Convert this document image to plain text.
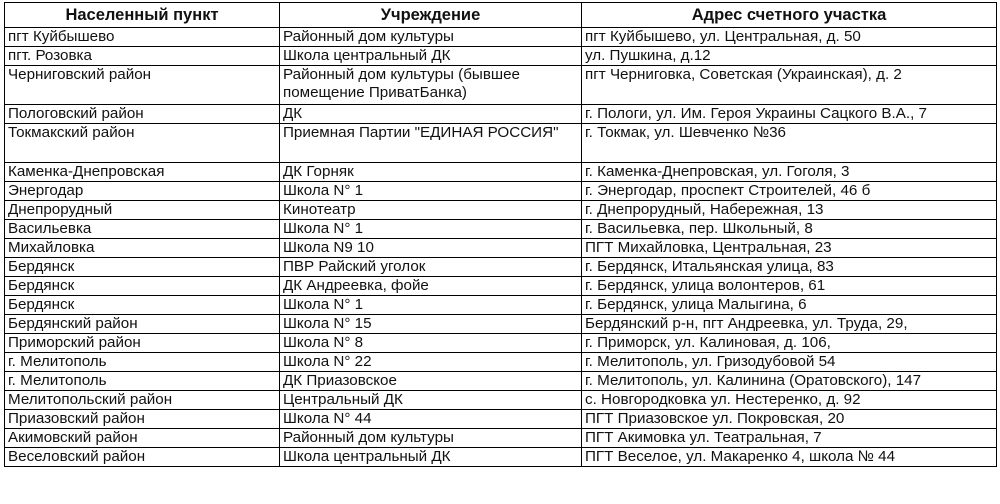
Населенный пункт	Учреждение	Адрес счетного участка
пгт Куйбышево	Районный дом культуры	пгт Куйбышево, ул. Центральная, д. 50
пгт. Розовка	Школа центральный ДК	ул. Пушкина, д.12
Черниговский район	Районный дом культуры (бывшее помещение ПриватБанка)	пгт Черниговка, Советская (Украинская), д. 2
Пологовский район	ДК	г. Пологи, ул. Им. Героя Украины Сацкого В.А., 7
Токмакский район	Приемная Партии "ЕДИНАЯ РОССИЯ"	г. Токмак, ул. Шевченко №36
Каменка-Днепровская	ДК Горняк	г. Каменка-Днепровская, ул. Гоголя, 3
Энергодар	Школа N° 1	г. Энергодар, проспект Строителей, 46 б
Днепрорудный	Кинотеатр	г. Днепрорудный, Набережная, 13
Васильевка	Школа N° 1	г. Васильевка, пер. Школьный, 8
Михайловка	Школа N9 10	ПГТ Михайловка, Центральная, 23
Бердянск	ПВР Райский уголок	г. Бердянск, Итальянская улица, 83
Бердянск	ДК Андреевка, фойе	г. Бердянск, улица волонтеров, 61
Бердянск	Школа N° 1	г. Бердянск, улица Малыгина, 6
Бердянский район	Школа N° 15	Бердянский р-н, пгт Андреевка, ул. Труда, 29,
Приморский район	Школа N° 8	г. Приморск, ул. Калиновая, д. 106,
г. Мелитополь	Школа N° 22	г. Мелитополь, ул. Гризодубовой 54
г. Мелитополь	ДК Приазовское	г. Мелитополь, ул. Калинина (Оратовского), 147
Мелитопольский район	Центральный ДК	с. Новгородковка ул. Нестеренко, д. 92
Приазовский район	Школа N° 44	ПГТ Приазовское ул. Покровская, 20
Акимовский район	Районный дом культуры	ПГТ Акимовка ул. Театральная, 7
Веселовский район	Школа центральный ДК	ПГТ Веселое, ул. Макаренко 4, школа № 44
